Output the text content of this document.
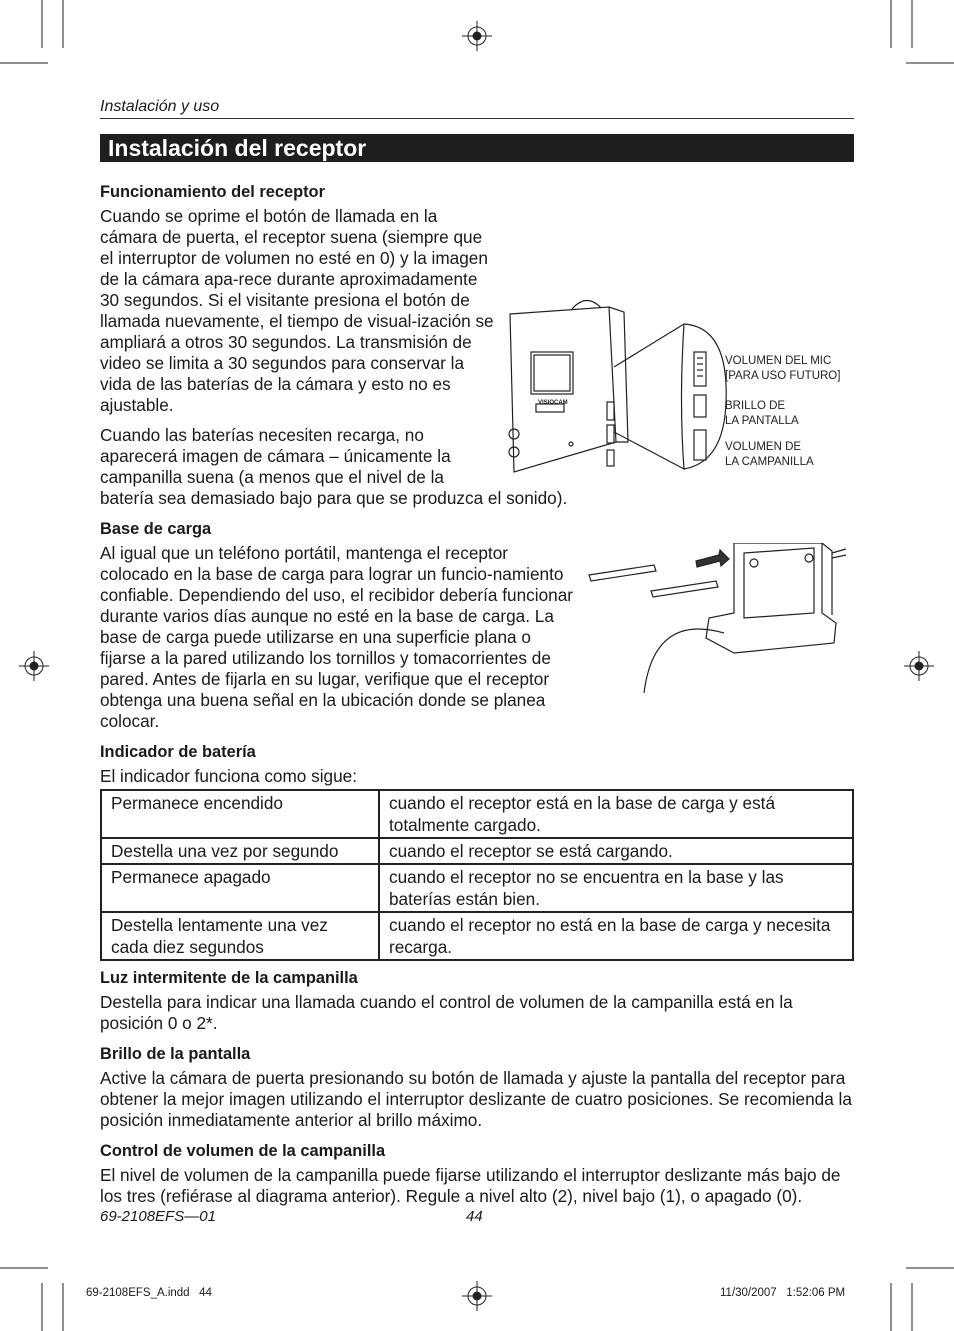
Instalación y uso
Instalación del receptor
Funcionamiento del receptor
VISIOCAM
VOLUMEN DEL MIC
[PARA USO FUTURO]
BRILLO DE
LA PANTALLA
VOLUMEN DE
LA CAMPANILLA

Cuando se oprime el botón de llamada en la cámara de puerta, el receptor suena (siempre que el interruptor de volumen no esté en 0) y la imagen de la cámara apa-rece durante aproximadamente 30 segundos. Si el visitante presiona el botón de llamada nuevamente, el tiempo de visual-ización se ampliará a otros 30 segundos. La transmisión de video se limita a 30 segundos para conservar la vida de las baterías de la cámara y esto no es ajustable.

Cuando las baterías necesiten recarga, no aparecerá imagen de cámara – únicamente la campanilla suena (a menos que el nivel de la batería sea demasiado bajo para que se produzca el sonido).

Base de carga

Al igual que un teléfono portátil, mantenga el receptor colocado en la base de carga para lograr un funcio-namiento confiable. Dependiendo del uso, el recibidor debería funcionar durante varios días aunque no esté en la base de carga. La base de carga puede utilizarse en una superficie plana o fijarse a la pared utilizando los tornillos y tomacorrientes de pared. Antes de fijarla en su lugar, verifique que el receptor obtenga una buena señal en la ubicación donde se planea colocar.

Indicador de batería

El indicador funciona como sigue:

Permanece encendido	cuando el receptor está en la base de carga y está totalmente cargado.
Destella una vez por segundo	cuando el receptor se está cargando.
Permanece apagado	cuando el receptor no se encuentra en la base y las baterías están bien.
Destella lentamente una vez cada diez segundos	cuando el receptor no está en la base de carga y necesita recarga.
Luz intermitente de la campanilla

Destella para indicar una llamada cuando el control de volumen de la campanilla está en la posición 0 o 2*.

Brillo de la pantalla

Active la cámara de puerta presionando su botón de llamada y ajuste la pantalla del receptor para obtener la mejor imagen utilizando el interruptor deslizante de cuatro posiciones. Se recomienda la posición inmediatamente anterior al brillo máximo.

Control de volumen de la campanilla

El nivel de volumen de la campanilla puede fijarse utilizando el interruptor deslizante más bajo de los tres (refiérase al diagrama anterior). Regule a nivel alto (2), nivel bajo (1), o apagado (0).

69-2108EFS—01	44
69-2108EFS_A.indd   44	11/30/2007   1:52:06 PM
